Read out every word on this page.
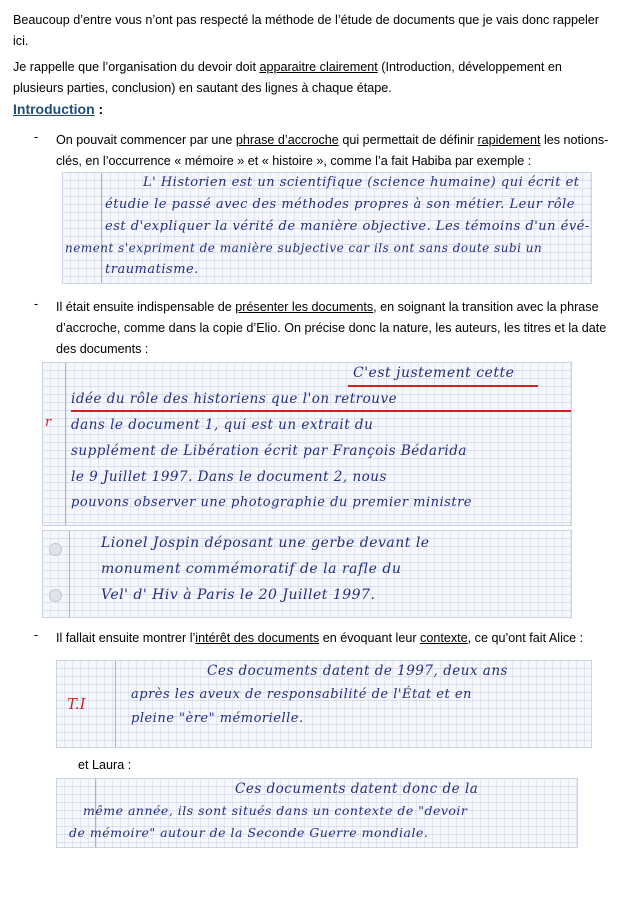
Beaucoup d’entre vous n’ont pas respecté la méthode de l’étude de documents que je vais donc rappeler ici.

Je rappelle que l’organisation du devoir doit apparaitre clairement (Introduction, développement en plusieurs parties, conclusion) en sautant des lignes à chaque étape.

Introduction :
- On pouvait commencer par une phrase d’accroche qui permettait de définir rapidement les notions-clés, en l’occurrence « mémoire » et « histoire », comme l’a fait Habiba par exemple :
L' Historien est un scientifique (science humaine) qui écrit et
étudie le passé avec des méthodes propres à son métier. Leur rôle
est d'expliquer la vérité de manière objective. Les témoins d'un évé-
nement s'expriment de manière subjective car ils ont sans doute subi un
traumatisme.
- Il était ensuite indispensable de présenter les documents, en soignant la transition avec la phrase d’accroche, comme dans la copie d’Elio. On précise donc la nature, les auteurs, les titres et la date des documents :
C'est justement cette
idée du rôle des historiens que l'on retrouve
r	dans le document 1, qui est un extrait du
supplément de Libération écrit par François Bédarida
le 9 Juillet 1997. Dans le document 2, nous
pouvons observer une photographie du premier ministre
Lionel Jospin déposant une gerbe devant le
monument commémoratif de la rafle du
Vel' d' Hiv à Paris le 20 Juillet 1997.
- Il fallait ensuite montrer l’intérêt des documents en évoquant leur contexte, ce qu’ont fait Alice :
T.I
Ces documents datent de 1997, deux ans
après les aveux de responsabilité de l'État et en
pleine "ère" mémorielle.
et Laura :
Ces documents datent donc de la
même année, ils sont situés dans un contexte de "devoir
de mémoire" autour de la Seconde Guerre mondiale.
